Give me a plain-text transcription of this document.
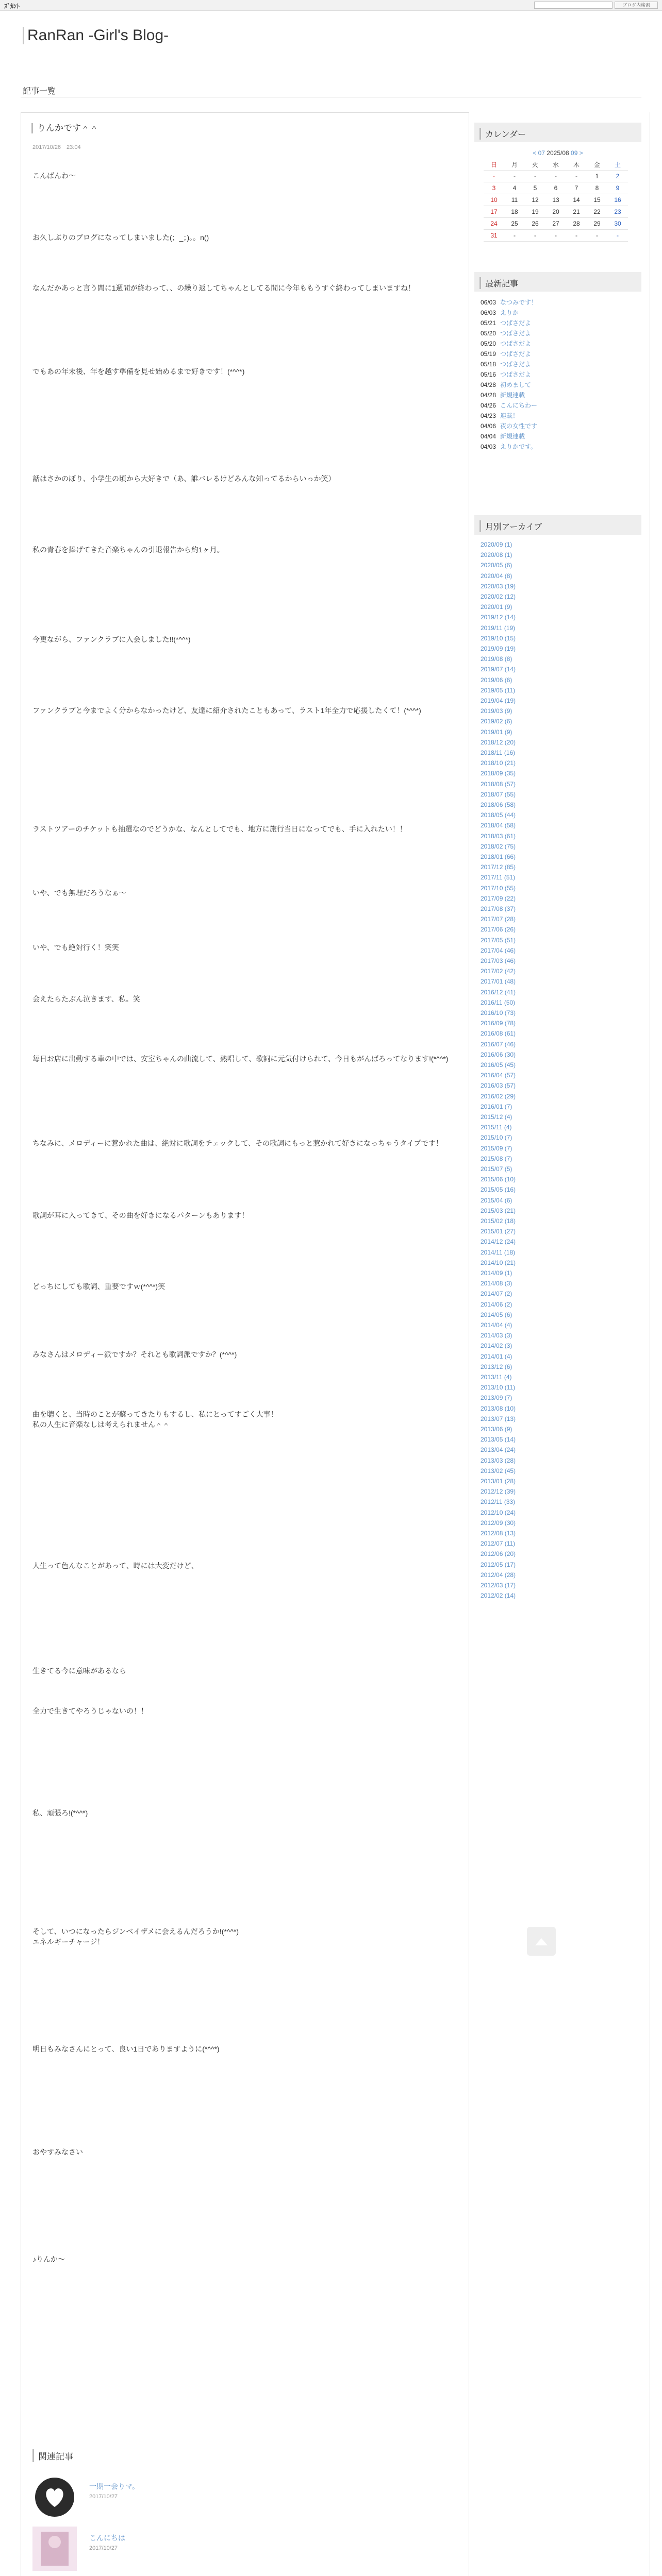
ｽﾞｶﾝﾄ	ブログ内検索
RanRan -Girl's Blog-
記事一覧
りんかです＾＾
2017/10/26　23:04
こんばんわ～
お久しぶりのブログになってしまいました(；_；)。。n()
なんだかあっと言う間に1週間が終わって、、の繰り返してちゃんとしてる間に今年ももうすぐ終わってしまいますね！
でもあの年末後、年を越す準備を見せ始めるまで好きです！(*^^*)
話はさかのぼり、小学生の頃から大好きで（あ、誰バレるけどみんな知ってるからいっか笑）
私の青春を捧げてきた音楽ちゃんの引退報告から約1ヶ月。
今更ながら、ファンクラブに入会しました!!(*^^*)
ファンクラブと今までよく分からなかったけど、友達に紹介されたこともあって、ラスト1年全力で応援したくて！(*^^*)
ラストツアーのチケットも抽選なのでどうかな、なんとしてでも、地方に旅行当日になってでも、手に入れたい！！
いや、でも無理だろうなぁ～
いや、でも絶対行く！笑笑
会えたらたぶん泣きます、私。笑
毎日お店に出勤する車の中では、安室ちゃんの曲流して、熱唱して、歌詞に元気付けられて、今日もがんばろってなります!(*^^*)
ちなみに、メロディーに惹かれた曲は、絶対に歌詞をチェックして、その歌詞にもっと惹かれて好きになっちゃうタイプです！
歌詞が耳に入ってきて、その曲を好きになるパターンもあります！
どっちにしても歌詞、重要ですｗ(*^^*)笑
みなさんはメロディー派ですか？それとも歌詞派ですか？(*^^*)
曲を聴くと、当時のことが蘇ってきたりもするし、私にとってすごく大事！
私の人生に音楽なしは考えられません＾＾
人生って色んなことがあって、時には大変だけど、
生きてる今に意味があるなら
全力で生きてやろうじゃないの！！
私、頑張ろ!(*^^*)
そして、いつになったらジンベイザメに会えるんだろうか!(*^^*)
エネルギーチャージ！
明日もみなさんにとって、良い1日でありますように(*^^*)
おやすみなさい
♪りんか～
関連記事
一期一会りマ。
2017/10/27
こんにちは
2017/10/27
カレンダー
< 07 2025/08 09 >
日	月	火	水	木	金	土
-	-	-	-	-	1	2
3	4	5	6	7	8	9
10	11	12	13	14	15	16
17	18	19	20	21	22	23
24	25	26	27	28	29	30
31	-	-	-	-	-	-
最新記事
06/03 なつみです！
06/03 えりか
05/21 つばさだよ
05/20 つばさだよ
05/20 つばさだよ
05/19 つばさだよ
05/18 つばさだよ
05/16 つばさだよ
04/28 初めまして
04/28 新規連載
04/26 こんにちわー
04/23 連載！
04/06 夜の女性です
04/04 新規連載
04/03 えりかです。
月別アーカイブ
2020/09 (1)
2020/08 (1)
2020/05 (6)
2020/04 (8)
2020/03 (19)
2020/02 (12)
2020/01 (9)
2019/12 (14)
2019/11 (19)
2019/10 (15)
2019/09 (19)
2019/08 (8)
2019/07 (14)
2019/06 (6)
2019/05 (11)
2019/04 (19)
2019/03 (9)
2019/02 (6)
2019/01 (9)
2018/12 (20)
2018/11 (16)
2018/10 (21)
2018/09 (35)
2018/08 (57)
2018/07 (55)
2018/06 (58)
2018/05 (44)
2018/04 (58)
2018/03 (61)
2018/02 (75)
2018/01 (66)
2017/12 (85)
2017/11 (51)
2017/10 (55)
2017/09 (22)
2017/08 (37)
2017/07 (28)
2017/06 (26)
2017/05 (51)
2017/04 (46)
2017/03 (46)
2017/02 (42)
2017/01 (48)
2016/12 (41)
2016/11 (50)
2016/10 (73)
2016/09 (78)
2016/08 (61)
2016/07 (46)
2016/06 (30)
2016/05 (45)
2016/04 (57)
2016/03 (57)
2016/02 (29)
2016/01 (7)
2015/12 (4)
2015/11 (4)
2015/10 (7)
2015/09 (7)
2015/08 (7)
2015/07 (5)
2015/06 (10)
2015/05 (16)
2015/04 (6)
2015/03 (21)
2015/02 (18)
2015/01 (27)
2014/12 (24)
2014/11 (18)
2014/10 (21)
2014/09 (1)
2014/08 (3)
2014/07 (2)
2014/06 (2)
2014/05 (6)
2014/04 (4)
2014/03 (3)
2014/02 (3)
2014/01 (4)
2013/12 (6)
2013/11 (4)
2013/10 (11)
2013/09 (7)
2013/08 (10)
2013/07 (13)
2013/06 (9)
2013/05 (14)
2013/04 (24)
2013/03 (28)
2013/02 (45)
2013/01 (28)
2012/12 (39)
2012/11 (33)
2012/10 (24)
2012/09 (30)
2012/08 (13)
2012/07 (11)
2012/06 (20)
2012/05 (17)
2012/04 (28)
2012/03 (17)
2012/02 (14)
